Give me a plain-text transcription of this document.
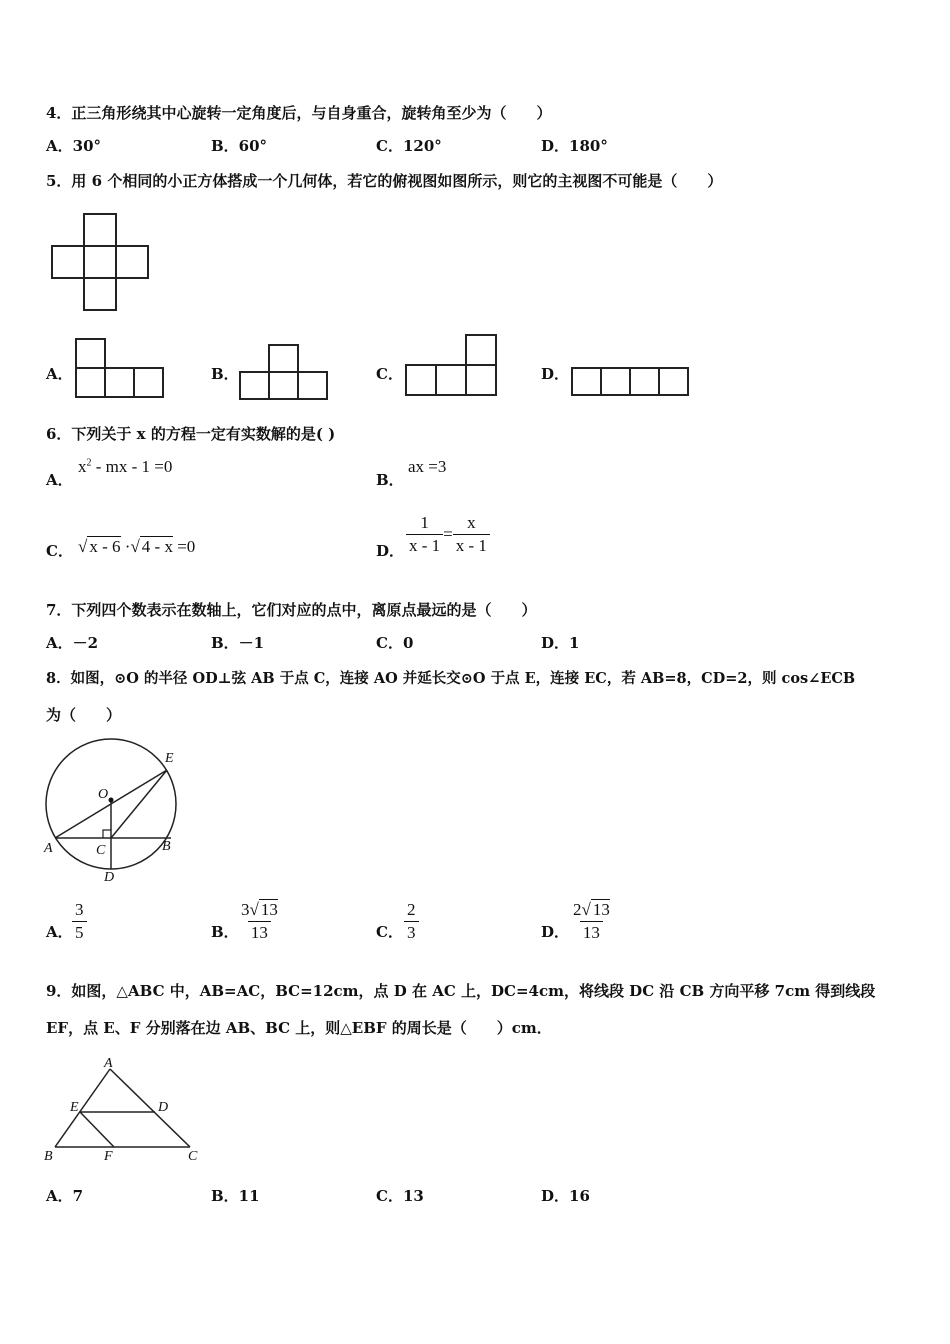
4．正三角形绕其中心旋转一定角度后，与自身重合，旋转角至少为（　　）
A．30°	B．60°	C．120°	D．180°
5．用 6 个相同的小正方体搭成一个几何体，若它的俯视图如图所示，则它的主视图不可能是（　　）
A．	B．	C．	D．
6．下列关于 x 的方程一定有实数解的是( )
A．
$x^2$ - mx - 1 =0
B．
ax =3
C． √ x - 6 ·√ 4 - x =0	D． $\frac{1}{x - 1} = \frac{x}{x - 1}$
7．下列四个数表示在数轴上，它们对应的点中，离原点最远的是（　　）
A．－2	B．－1	C．0	D．1
8．如图，⊙O 的半径 OD⊥弦 AB 于点 C，连接 AO 并延长交⊙O 于点 E，连接 EC，若 AB=8，CD=2，则 cos∠ECB
为（　　）
O
E
A	C	B
D
A． $\frac{3}{5}$	B． $\frac{3√ 13}{13}$	C． $\frac{2}{3}$	D． $\frac{2√ 13}{13}$
9．如图，△ABC 中，AB=AC，BC=12cm，点 D 在 AC 上，DC=4cm，将线段 DC 沿 CB 方向平移 7cm 得到线段
EF，点 E、F 分别落在边 AB、BC 上，则△EBF 的周长是（　　）cm．
A
E	D
B	F	C
A．7	B．11	C．13	D．16
